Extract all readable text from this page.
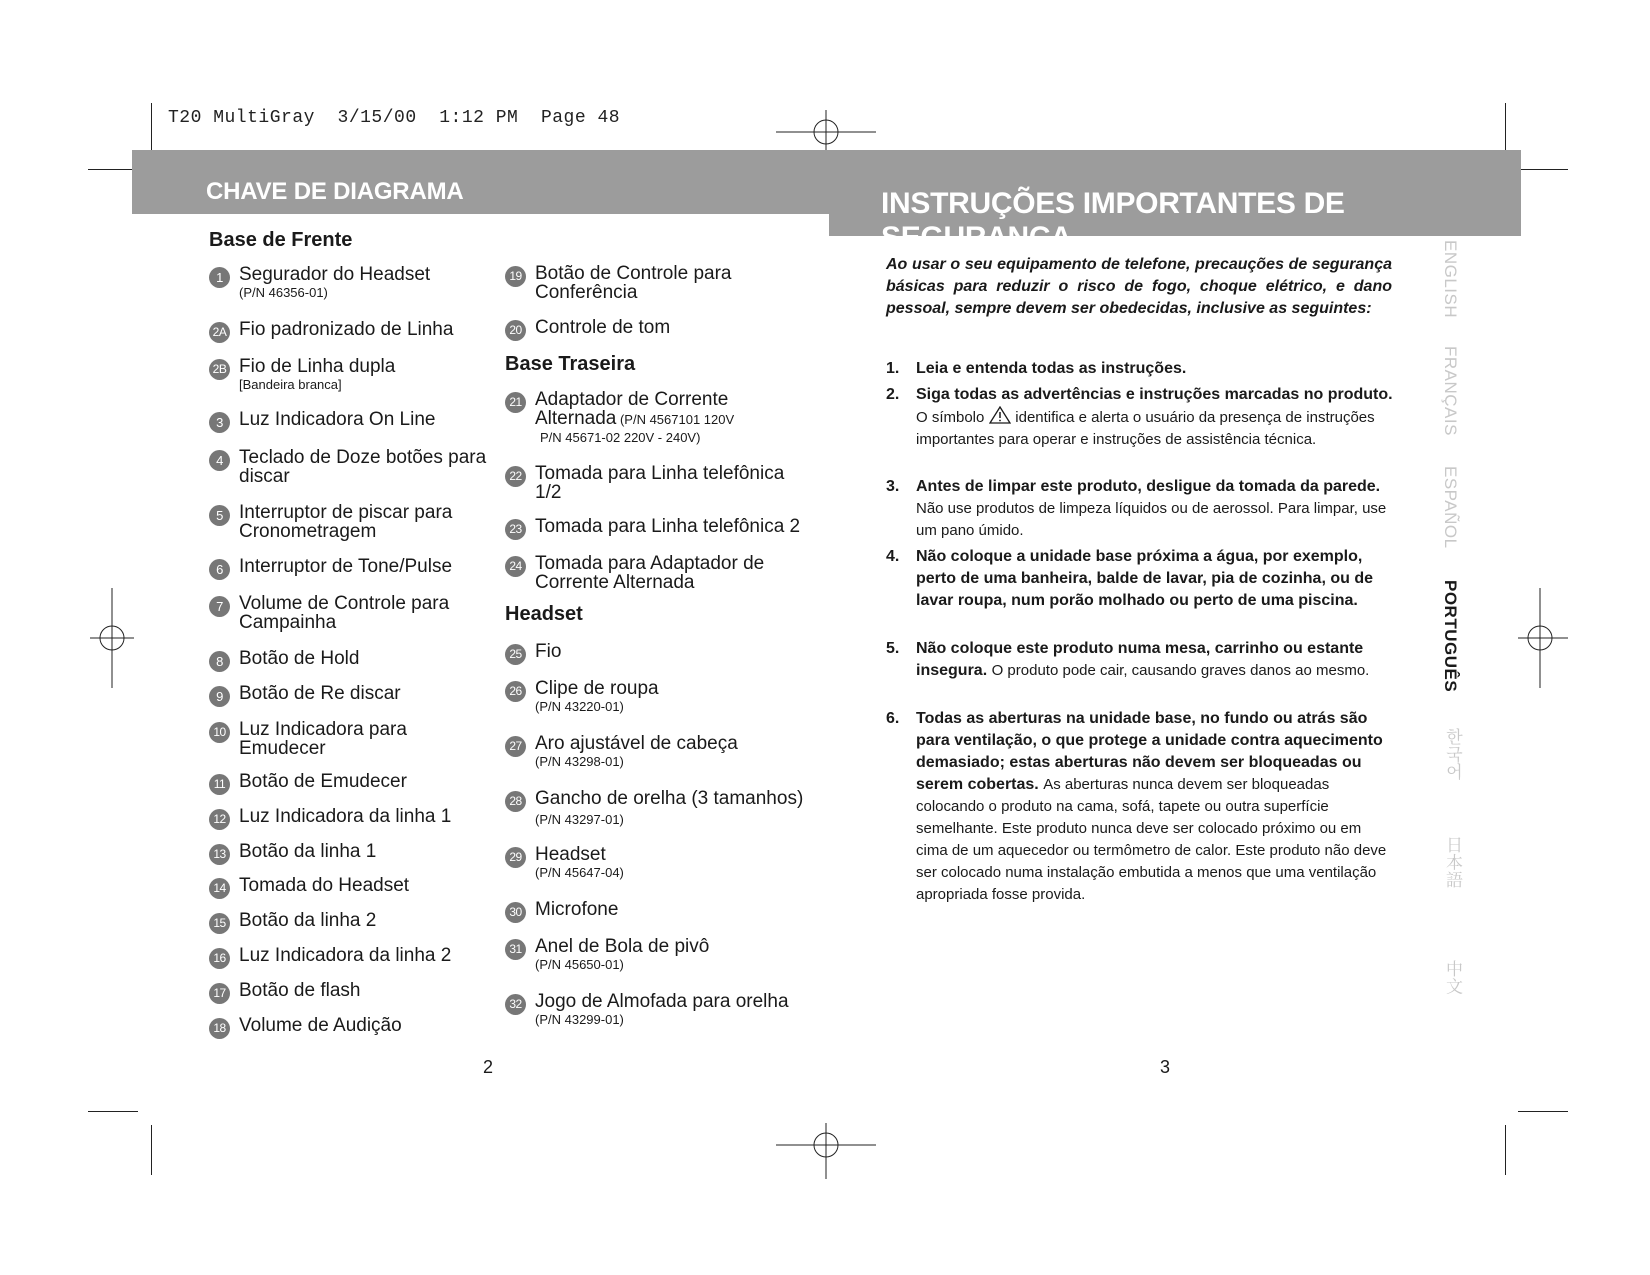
T20 MultiGray  3/15/00  1:12 PM  Page 48
CHAVE DE DIAGRAMA	INSTRUÇÕES IMPORTANTES DE SEGURANÇA
Base de Frente
1 Segurador do Headset
(P/N 46356-01)
2A Fio padronizado de Linha
2B Fio de Linha dupla
[Bandeira branca]
3 Luz Indicadora On Line
4 Teclado de Doze botões para discar
5 Interruptor de piscar para Cronometragem
6 Interruptor de Tone/Pulse
7 Volume de Controle para Campainha
8 Botão de Hold
9 Botão de Re discar
10 Luz Indicadora para Emudecer
11 Botão de Emudecer
12 Luz Indicadora da linha 1
13 Botão da linha 1
14 Tomada do Headset
15 Botão da linha 2
16 Luz Indicadora da linha 2
17 Botão de flash
18 Volume de Audição
19 Botão de Controle para Conferência
20 Controle de tom
Base Traseira
21 Adaptador de Corrente Alternada (P/N 4567101 120V
P/N 45671-02 220V - 240V)
22 Tomada para Linha telefônica 1/2
23 Tomada para Linha telefônica 2
24 Tomada para Adaptador de Corrente Alternada
Headset
25 Fio
26 Clipe de roupa
(P/N 43220-01)
27 Aro ajustável de cabeça
(P/N 43298-01)
28 Gancho de orelha (3 tamanhos) (P/N 43297-01)
29 Headset
(P/N 45647-04)
30 Microfone
31 Anel de Bola de pivô
(P/N 45650-01)
32 Jogo de Almofada para orelha
(P/N 43299-01)
2
Ao usar o seu equipamento de telefone, precauções de segurança básicas para reduzir o risco de fogo, choque elétrico, e dano pessoal, sempre devem ser obedecidas, inclusive as seguintes:
1. Leia e entenda todas as instruções.
2. Siga todas as advertências e instruções marcadas no produto. O símbolo identifica e alerta o usuário da presença de instruções importantes para operar e instruções de assistência técnica.
3. Antes de limpar este produto, desligue da tomada da parede. Não use produtos de limpeza líquidos ou de aerossol. Para limpar, use um pano úmido.
4. Não coloque a unidade base próxima a água, por exemplo, perto de uma banheira, balde de lavar, pia de cozinha, ou de lavar roupa, num porão molhado ou perto de uma piscina.
5. Não coloque este produto numa mesa, carrinho ou estante insegura. O produto pode cair, causando graves danos ao mesmo.
6. Todas as aberturas na unidade base, no fundo ou atrás são para ventilação, o que protege a unidade contra aquecimento demasiado; estas aberturas não devem ser bloqueadas ou serem cobertas. As aberturas nunca devem ser bloqueadas colocando o produto na cama, sofá, tapete ou outra superfície semelhante. Este produto nunca deve ser colocado próximo ou em cima de um aquecedor ou termômetro de calor. Este produto não deve ser colocado numa instalação embutida a menos que uma ventilação apropriada fosse provida.
ENGLISH
FRANÇAIS
ESPAÑOL
PORTUGUÊS
한국어
日本語
中文
3
